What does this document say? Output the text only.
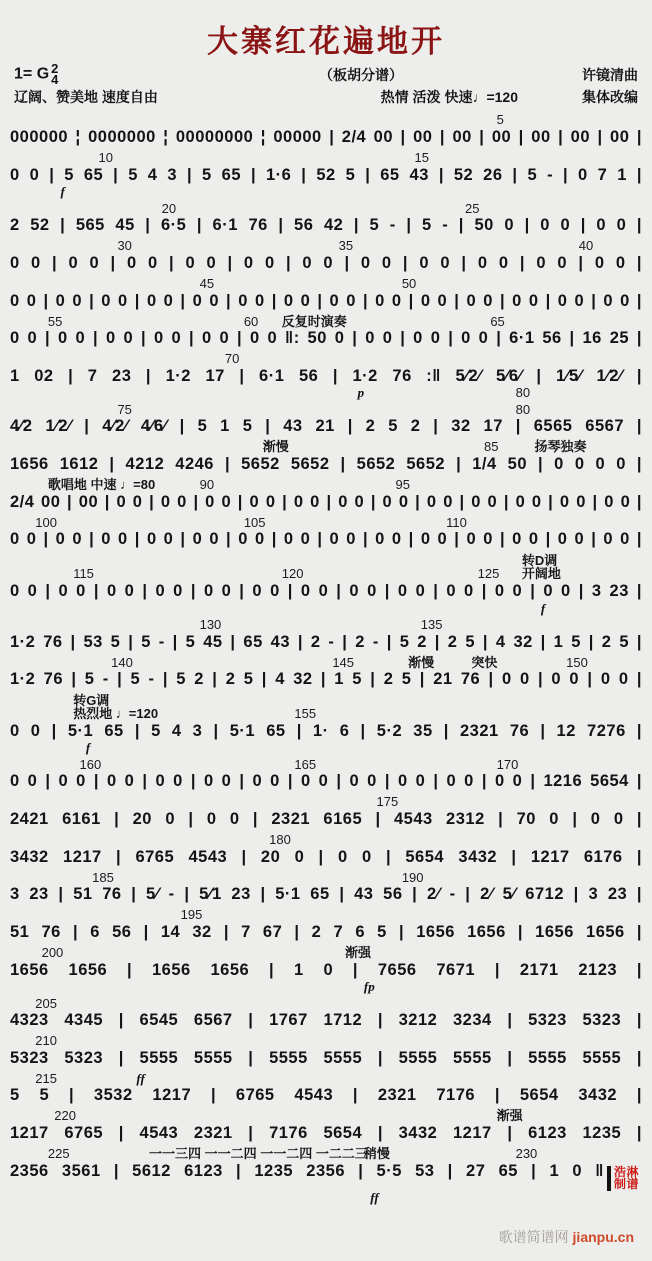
大寨红花遍地开
1= G 2
4	（板胡分谱）	许镜清曲
辽阔、赞美地 速度自由	热情 活泼 快速♩=120	集体改编
5
000000 ¦ 0000000 ¦ 00000000 ¦ 00000 | 2/4 00 | 00 | 00 | 00 | 00 | 00 | 00 |
10	15
0 0 | 5 65 | 5 4 3 | 5 65 | 1·6 | 52 5 | 65 43 | 52 26 | 5 - | 0 7 1 |
f
20	25
2 52 | 565 45 | 6·5 | 6·1 76 | 56 42 | 5 - | 5 - | 50 0 | 0 0 | 0 0 |
30	35	40
0 0 | 0 0 | 0 0 | 0 0 | 0 0 | 0 0 | 0 0 | 0 0 | 0 0 | 0 0 | 0 0 |
45	50
0 0 | 0 0 | 0 0 | 0 0 | 0 0 | 0 0 | 0 0 | 0 0 | 0 0 | 0 0 | 0 0 | 0 0 | 0 0 | 0 0 |
55	60 反复时演奏	65
0 0 | 0 0 | 0 0 | 0 0 | 0 0 | 0 0 ‖: 50 0 | 0 0 | 0 0 | 0 0 | 6·1 56 | 16 25 |
70
1 02 | 7 23 | 1·2 17 | 6·1 56 | 1·2 76 :‖ 5⁄2⁄ 5⁄6⁄ | 1⁄5⁄ 1⁄2⁄ |
p	80
75	80
4⁄2 1⁄2⁄ | 4⁄2⁄ 4⁄6⁄ | 5 1 5 | 43 21 | 2 5 2 | 32 17 | 6565 6567 |
渐慢	85	扬琴独奏
1656 1612 | 4212 4246 | 5652 5652 | 5652 5652 | 1/4 50 | 0 0 0 0 |
歌唱地 中速 ♩=80	90	95
2/4 00 | 00 | 0 0 | 0 0 | 0 0 | 0 0 | 0 0 | 0 0 | 0 0 | 0 0 | 0 0 | 0 0 | 0 0 | 0 0 |
100	105	110
0 0 | 0 0 | 0 0 | 0 0 | 0 0 | 0 0 | 0 0 | 0 0 | 0 0 | 0 0 | 0 0 | 0 0 | 0 0 | 0 0 |
115	120	125
转D调
开阔地
0 0 | 0 0 | 0 0 | 0 0 | 0 0 | 0 0 | 0 0 | 0 0 | 0 0 | 0 0 | 0 0 | 0 0 | 3 23 |
f
130	135
1·2 76 | 53 5 | 5 - | 5 45 | 65 43 | 2 - | 2 - | 5 2 | 2 5 | 4 32 | 1 5 | 2 5 |
140	145	渐慢	突快	150
1·2 76 | 5 - | 5 - | 5 2 | 2 5 | 4 32 | 1 5 | 2 5 | 21 76 | 0 0 | 0 0 | 0 0 |
转G调
热烈地 ♩=120	155
0 0 | 5·1 65 | 5 4 3 | 5·1 65 | 1· 6 | 5·2 35 | 2321 76 | 12 7276 |
f
160	165	170
0 0 | 0 0 | 0 0 | 0 0 | 0 0 | 0 0 | 0 0 | 0 0 | 0 0 | 0 0 | 0 0 | 1216 5654 |
175
2421 6161 | 20 0 | 0 0 | 2321 6165 | 4543 2312 | 70 0 | 0 0 |
180
3432 1217 | 6765 4543 | 20 0 | 0 0 | 5654 3432 | 1217 6176 |
185	190
3 23 | 51 76 | 5⁄ - | 5⁄1 23 | 5·1 65 | 43 56 | 2⁄ - | 2⁄ 5⁄ 6712 | 3 23 |
195
51 76 | 6 56 | 14 32 | 7 67 | 2 7 6 5 | 1656 1656 | 1656 1656 |
200	渐强
1656 1656 | 1656 1656 | 1 0 | 7656 7671 | 2171 2123 |
fp
205
4323 4345 | 6545 6567 | 1767 1712 | 3212 3234 | 5323 5323 |
210
5323 5323 | 5555 5555 | 5555 5555 | 5555 5555 | 5555 5555 |
215	ff
5 5 | 3532 1217 | 6765 4543 | 2321 7176 | 5654 3432 |
220	渐强
1217 6765 | 4543 2321 | 7176 5654 | 3432 1217 | 6123 1235 |
225	一一三四 一一二四 一一二四 一二二三
稍慢	230
2356 3561 | 5612 6123 | 1235 2356 | 5·5 53 | 27 65 | 1 0 ‖ 浩淋制谱
ff
歌谱简谱网 jianpu.cn
